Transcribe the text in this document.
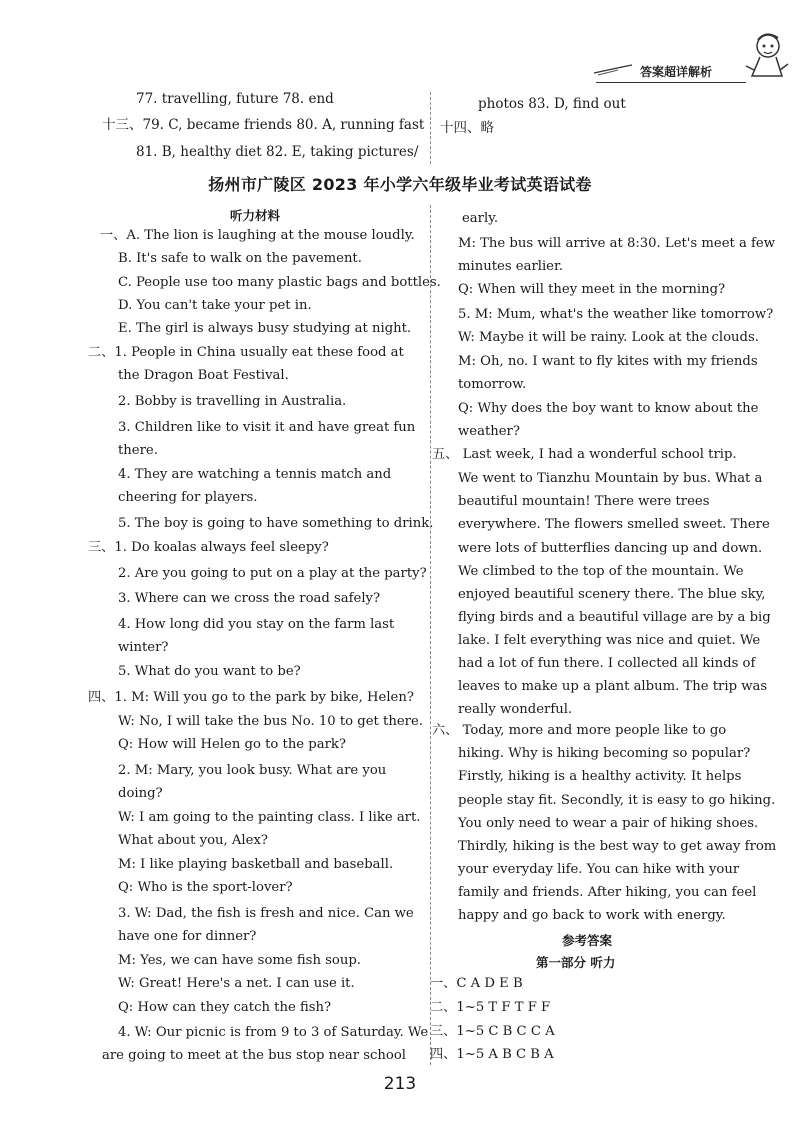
答案超详解析
77. travelling, future 78. end
十三、79. C, became friends 80. A, running fast
81. B, healthy diet 82. E, taking pictures/
photos 83. D, find out
十四、略
扬州市广陵区 2023 年小学六年级毕业考试英语试卷
听力材料
一、A. The lion is laughing at the mouse loudly.
B. It's safe to walk on the pavement.
C. People use too many plastic bags and bottles.
D. You can't take your pet in.
E. The girl is always busy studying at night.
二、1. People in China usually eat these food at
the Dragon Boat Festival.
2. Bobby is travelling in Australia.
3. Children like to visit it and have great fun
there.
4. They are watching a tennis match and
cheering for players.
5. The boy is going to have something to drink.
三、1. Do koalas always feel sleepy?
2. Are you going to put on a play at the party?
3. Where can we cross the road safely?
4. How long did you stay on the farm last
winter?
5. What do you want to be?
四、1. M: Will you go to the park by bike, Helen?
W: No, I will take the bus No. 10 to get there.
Q: How will Helen go to the park?
2. M: Mary, you look busy. What are you
doing?
W: I am going to the painting class. I like art.
What about you, Alex?
M: I like playing basketball and baseball.
Q: Who is the sport-lover?
3. W: Dad, the fish is fresh and nice. Can we
have one for dinner?
M: Yes, we can have some fish soup.
W: Great! Here's a net. I can use it.
Q: How can they catch the fish?
4. W: Our picnic is from 9 to 3 of Saturday. We
are going to meet at the bus stop near school
early.
M: The bus will arrive at 8:30. Let's meet a few
minutes earlier.
Q: When will they meet in the morning?
5. M: Mum, what's the weather like tomorrow?
W: Maybe it will be rainy. Look at the clouds.
M: Oh, no. I want to fly kites with my friends
tomorrow.
Q: Why does the boy want to know about the
weather?
五、 Last week, I had a wonderful school trip.
We went to Tianzhu Mountain by bus. What a
beautiful mountain! There were trees
everywhere. The flowers smelled sweet. There
were lots of butterflies dancing up and down.
We climbed to the top of the mountain. We
enjoyed beautiful scenery there. The blue sky,
flying birds and a beautiful village are by a big
lake. I felt everything was nice and quiet. We
had a lot of fun there. I collected all kinds of
leaves to make up a plant album. The trip was
really wonderful.
六、 Today, more and more people like to go
hiking. Why is hiking becoming so popular?
Firstly, hiking is a healthy activity. It helps
people stay fit. Secondly, it is easy to go hiking.
You only need to wear a pair of hiking shoes.
Thirdly, hiking is the best way to get away from
your everyday life. You can hike with your
family and friends. After hiking, you can feel
happy and go back to work with energy.
参考答案
第一部分 听力
一、C A D E B
二、1~5 T F T F F
三、1~5 C B C C A
四、1~5 A B C B A
213
